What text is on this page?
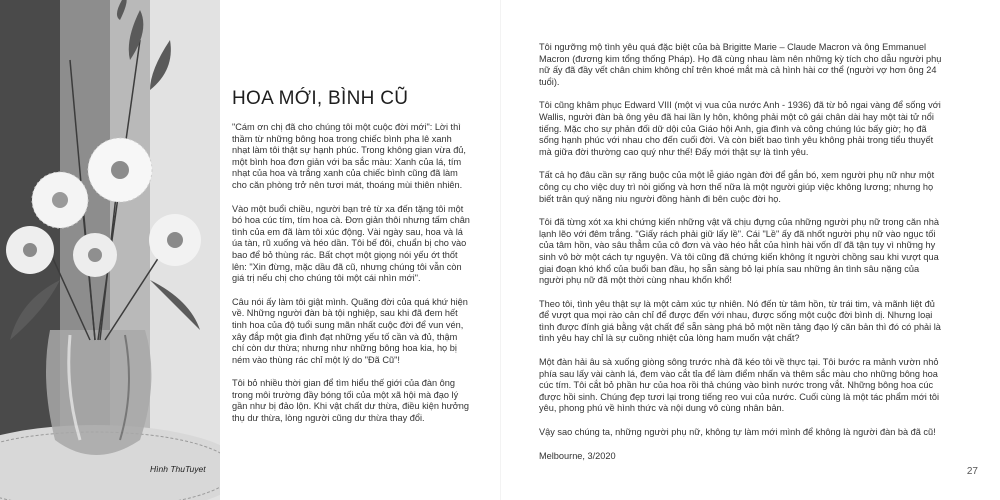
Hình ThuTuyet
HOA MỚI, BÌNH CŨ

"Cám ơn chị đã cho chúng tôi một cuộc đời mới": Lời thì thầm từ những bông hoa trong chiếc bình pha lê xanh nhạt làm tôi thật sự hạnh phúc. Trong không gian vừa đủ, một bình hoa đơn giản với ba sắc màu: Xanh của lá, tím nhạt của hoa và trắng xanh của chiếc bình cũng đã làm cho căn phòng trở nên tươi mát, thoáng mùi thiên nhiên.

Vào một buổi chiều, người bạn trẻ từ xa đến tặng tôi một bó hoa cúc tím, tím hoa cà. Đơn giản thôi nhưng tấm chân tình của em đã làm tôi xúc động. Vài ngày sau, hoa và lá úa tàn, rũ xuống và héo dần. Tôi bế đôi, chuẩn bị cho vào bao để bỏ thùng rác. Bất chợt một giọng nói yếu ớt thốt lên: "Xin đừng, mặc dầu đã cũ, nhưng chúng tôi vẫn còn giá trị nếu chị cho chúng tôi một cái nhìn mới".

Câu nói ấy làm tôi giật mình. Quãng đời của quá khứ hiện về. Những người đàn bà tội nghiệp, sau khi đã đem hết tinh hoa của độ tuổi sung mãn nhất cuộc đời để vun vén, xây đắp một gia đình đạt những yếu tố cần và đủ, thậm chí còn dư thừa; nhưng như những bông hoa kia, họ bị ném vào thùng rác chỉ một lý do "Đã Cũ"!

Tôi bỏ nhiều thời gian để tìm hiểu thế giới của đàn ông trong môi trường đầy bóng tối của một xã hội mà đạo lý gần như bị đảo lộn. Khi vật chất dư thừa, điều kiện hưởng thụ dư thừa, lòng người cũng dư thừa thay đổi.

Tôi ngưỡng mộ tình yêu quá đặc biệt của bà Brigitte Marie – Claude Macron và ông Emmanuel Macron (đương kim tổng thống Pháp). Họ đã cùng nhau làm nên những kỳ tích cho dẫu người phụ nữ ấy đã đầy vết chân chim không chỉ trên khoé mắt mà cả hình hài cơ thể (người vợ hơn ông 24 tuổi).

Tôi cũng khâm phục Edward VIII (một vị vua của nước Anh - 1936) đã từ bỏ ngai vàng để sống với Wallis, người đàn bà ông yêu đã hai lần ly hôn, không phải một cô gái chân dài hay một tài tử nổi tiếng. Mặc cho sự phản đối dữ dội của Giáo hội Anh, gia đình và công chúng lúc bấy giờ; họ đã sống hạnh phúc với nhau cho đến cuối đời. Và còn biết bao tình yêu không phải trong tiểu thuyết mà giữa đời thường cao quý như thế! Đấy mới thật sự là tình yêu.

Tất cả họ đâu cần sự răng buộc của một lễ giáo ngàn đời để gắn bó, xem người phụ nữ như một công cụ cho việc duy trì nòi giống và hơn thế nữa là một người giúp việc không lương; nhưng họ biết trân quý năng niu người đồng hành đi bên cuộc đời họ.

Tôi đã từng xót xa khi chứng kiến những vật vã chịu đựng của những người phụ nữ trong căn nhà lạnh lẽo với đêm trắng. "Giấy rách phải giữ lấy lề". Cái "Lề" ấy đã nhốt người phụ nữ vào ngục tối của tâm hồn, vào sâu thẳm của cô đơn và vào héo hắt của hình hài vốn dĩ đã tận tụy vì những hy sinh vô bờ một cách tự nguyện. Và tôi cũng đã chứng kiến không ít người chồng sau khi vượt qua giai đoạn khó khổ của buổi ban đầu, họ sẵn sàng bỏ lại phía sau những ân tình sâu nặng của người phụ nữ đã một thời cùng nhau khốn khổ!

Theo tôi, tình yêu thật sự là một cảm xúc tự nhiên. Nó đến từ tâm hồn, từ trái tim, và mãnh liệt đủ để vượt qua mọi rào cản chỉ để được đến với nhau, được sống một cuộc đời bình dị. Nhưng loại tình được đính giá bằng vật chất để sẵn sàng phá bỏ một nền tảng đạo lý căn bản thì đó có phải là tình yêu hay chỉ là sự cuồng nhiệt của lòng ham muốn vật chất?

Một đàn hải âu sà xuống giòng sông trước nhà đã kéo tôi về thực tại. Tôi bước ra mảnh vườn nhỏ phía sau lấy vài cành lá, đem vào cắt tỉa để làm điểm nhấn và thêm sắc màu cho những bông hoa cúc tím. Tôi cắt bỏ phần hư của hoa rồi thả chúng vào bình nước trong vắt. Những bông hoa cúc được hồi sinh. Chúng đẹp tươi lại trong tiếng reo vui của nước. Cuối cùng là một tác phẩm mới tôi yêu, phong phú về hình thức và nội dung vô cùng nhân bản.

Vậy sao chúng ta, những người phụ nữ, không tự làm mới mình để không là người đàn bà đã cũ!

Melbourne, 3/2020
27
